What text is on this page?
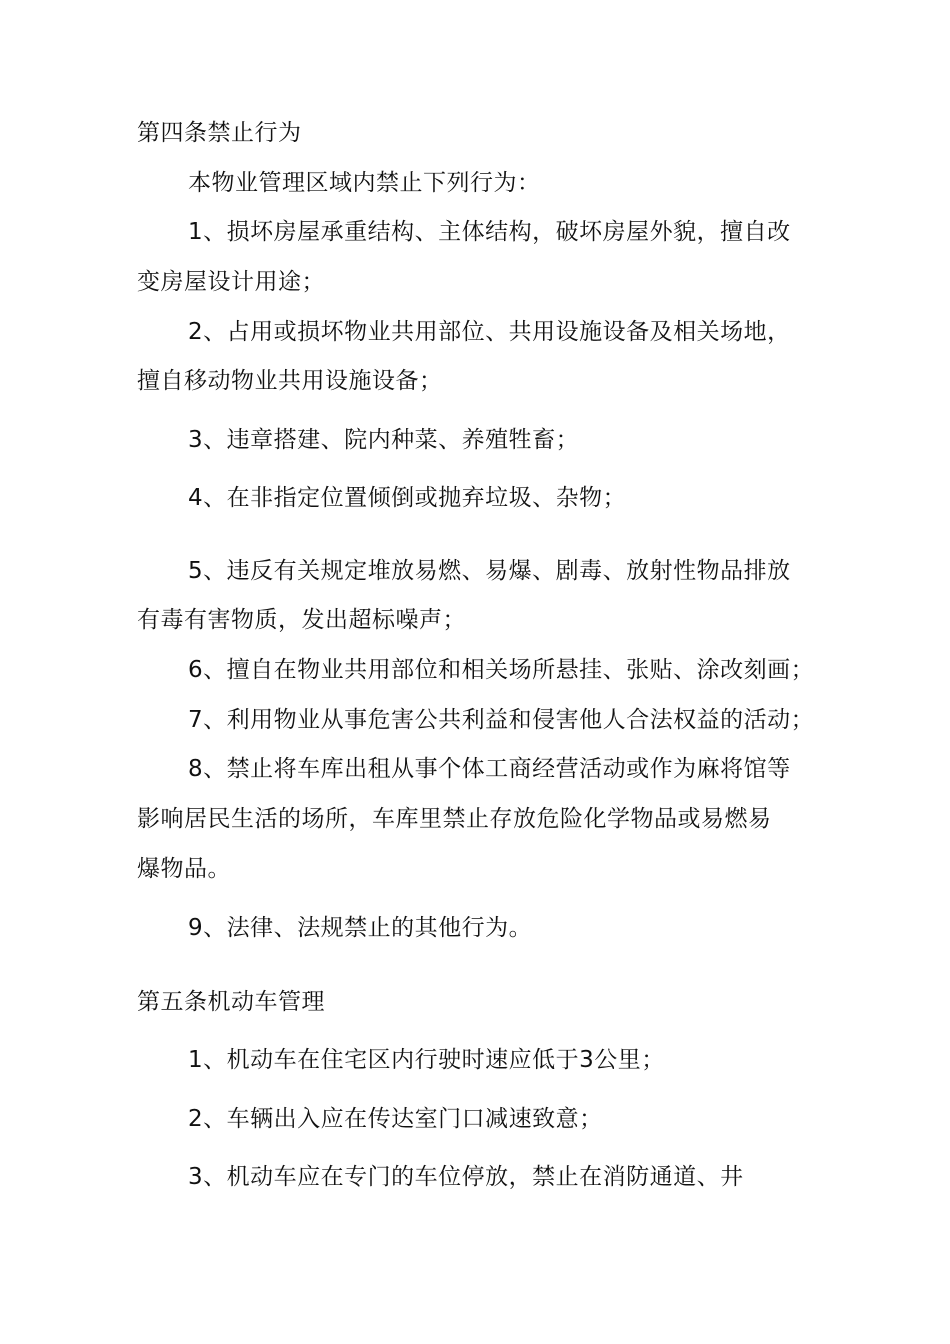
第四条禁止行为
本物业管理区域内禁止下列行为：
1、损坏房屋承重结构、主体结构，破坏房屋外貌，擅自改
变房屋设计用途；
2、占用或损坏物业共用部位、共用设施设备及相关场地，
擅自移动物业共用设施设备；
3、违章搭建、院内种菜、养殖牲畜；
4、在非指定位置倾倒或抛弃垃圾、杂物；
5、违反有关规定堆放易燃、易爆、剧毒、放射性物品排放
有毒有害物质，发出超标噪声；
6、擅自在物业共用部位和相关场所悬挂、张贴、涂改刻画；
7、利用物业从事危害公共利益和侵害他人合法权益的活动；
8、禁止将车库出租从事个体工商经营活动或作为麻将馆等
影响居民生活的场所，车库里禁止存放危险化学物品或易燃易
爆物品。
9、法律、法规禁止的其他行为。
第五条机动车管理
1、机动车在住宅区内行驶时速应低于3公里；
2、车辆出入应在传达室门口减速致意；
3、机动车应在专门的车位停放，禁止在消防通道、井
